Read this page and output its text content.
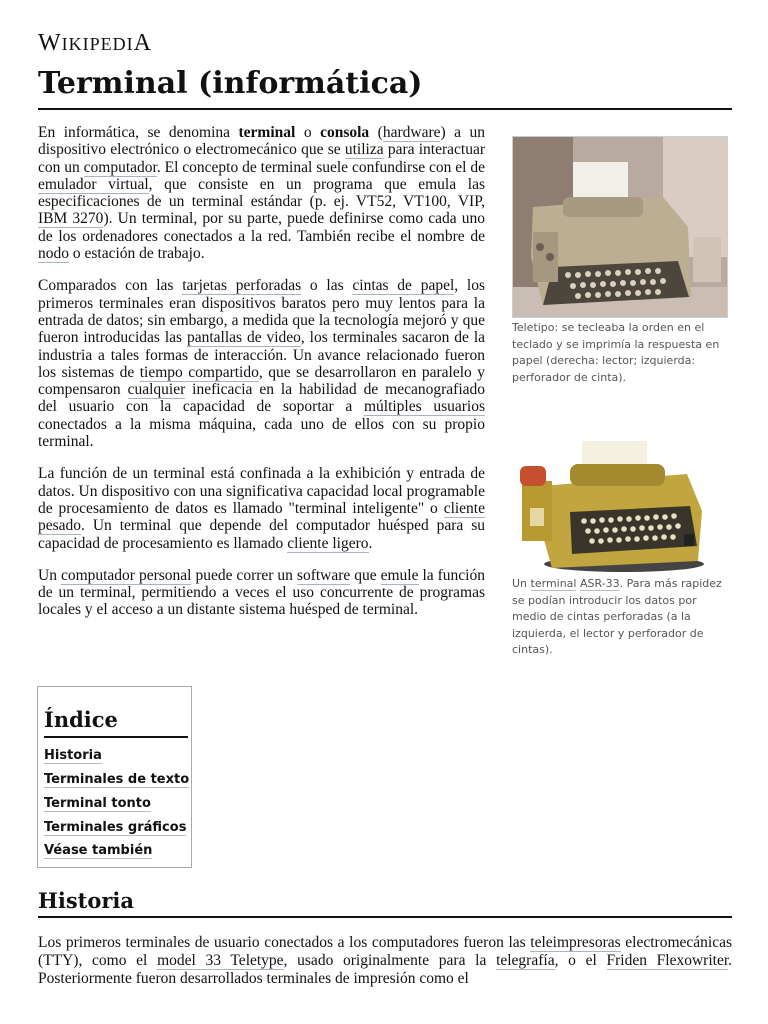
WIKIPEDIA
Terminal (informática)

En informática, se denomina terminal o consola (hardware) a un dispositivo electrónico o electromecánico que se utiliza para interactuar con un computador. El concepto de terminal suele confundirse con el de emulador virtual, que consiste en un programa que emula las especificaciones de un terminal estándar (p. ej. VT52, VT100, VIP, IBM 3270). Un terminal, por su parte, puede definirse como cada uno de los ordenadores conectados a la red. También recibe el nombre de nodo o estación de trabajo.

Comparados con las tarjetas perforadas o las cintas de papel, los primeros terminales eran dispositivos baratos pero muy lentos para la entrada de datos; sin embargo, a medida que la tecnología mejoró y que fueron introducidas las pantallas de video, los terminales sacaron de la industria a tales formas de interacción. Un avance relacionado fueron los sistemas de tiempo compartido, que se desarrollaron en paralelo y compensaron cualquier ineficacia en la habilidad de mecanografiado del usuario con la capacidad de soportar a múltiples usuarios conectados a la misma máquina, cada uno de ellos con su propio terminal.

La función de un terminal está confinada a la exhibición y entrada de datos. Un dispositivo con una significativa capacidad local programable de procesamiento de datos es llamado "terminal inteligente" o cliente pesado. Un terminal que depende del computador huésped para su capacidad de procesamiento es llamado cliente ligero.

Un computador personal puede correr un software que emule la función de un terminal, permitiendo a veces el uso concurrente de programas locales y el acceso a un distante sistema huésped de terminal.

Teletipo: se tecleaba la orden en el teclado y se imprimía la respuesta en papel (derecha: lector; izquierda: perforador de cinta).
Un terminal ASR-33. Para más rapidez se podían introducir los datos por medio de cintas perforadas (a la izquierda, el lector y perforador de cintas).
Índice
Historia
Terminales de texto
Terminal tonto
Terminales gráficos
Véase también
Historia

Los primeros terminales de usuario conectados a los computadores fueron las teleimpresoras electromecánicas (TTY), como el model 33 Teletype, usado originalmente para la telegrafía, o el Friden Flexowriter. Posteriormente fueron desarrollados terminales de impresión como el
